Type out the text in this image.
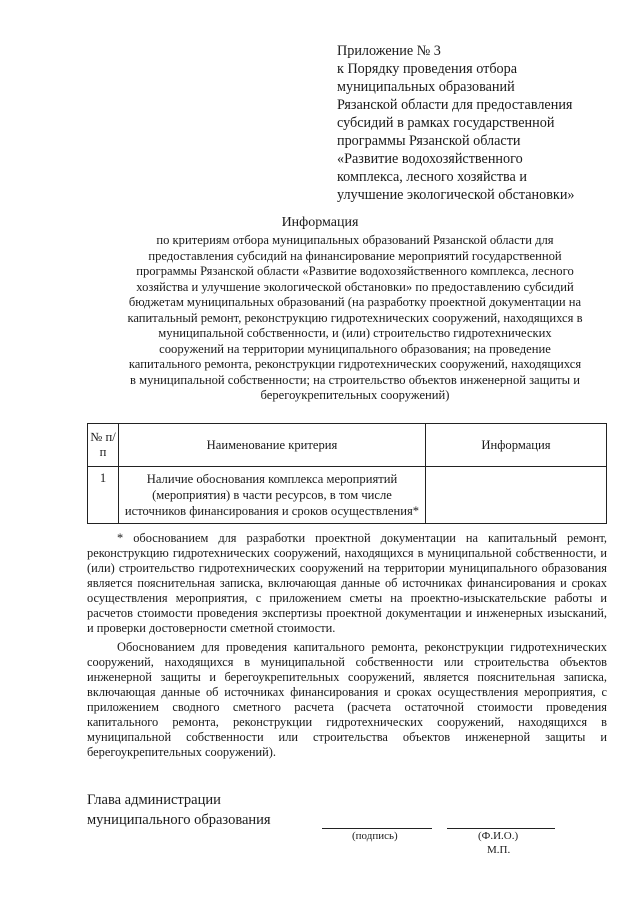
Приложение № 3
к Порядку проведения отбора
муниципальных образований
Рязанской области для предоставления
субсидий в рамках государственной
программы Рязанской области
«Развитие водохозяйственного
комплекса, лесного хозяйства и
улучшение экологической обстановки»
Информация
по критериям отбора муниципальных образований Рязанской области для
предоставления субсидий на финансирование мероприятий государственной
программы Рязанской области «Развитие водохозяйственного комплекса, лесного
хозяйства и улучшение экологической обстановки» по предоставлению субсидий
бюджетам муниципальных образований (на разработку проектной документации на
капитальный ремонт, реконструкцию гидротехнических сооружений, находящихся в
муниципальной собственности, и (или) строительство гидротехнических
сооружений на территории муниципального образования; на проведение
капитального ремонта, реконструкции гидротехнических сооружений, находящихся
в муниципальной собственности; на строительство объектов инженерной защиты и
берегоукрепительных сооружений)
№ п/п	Наименование критерия	Информация
1	Наличие обоснования комплекса мероприятий (мероприятия) в части ресурсов, в том числе источников финансирования и сроков осуществления*	

* обоснованием для разработки проектной документации на капитальный ремонт, реконструкцию гидротехнических сооружений, находящихся в муниципальной собственности, и (или) строительство гидротехнических сооружений на территории муниципального образования является пояснительная записка, включающая данные об источниках финансирования и сроках осуществления мероприятия, с приложением сметы на проектно-изыскательские работы и расчетов стоимости проведения экспертизы проектной документации и инженерных изысканий, и проверки достоверности сметной стоимости.

Обоснованием для проведения капитального ремонта, реконструкции гидротехнических сооружений, находящихся в муниципальной собственности или строительства объектов инженерной защиты и берегоукрепительных сооружений, является пояснительная записка, включающая данные об источниках финансирования и сроках осуществления мероприятия, с приложением сводного сметного расчета (расчета остаточной стоимости проведения капитального ремонта, реконструкции гидротехнических сооружений, находящихся в муниципальной собственности или строительства объектов инженерной защиты и берегоукрепительных сооружений).

Глава администрации
муниципального образования
(подпись)	(Ф.И.О.)
М.П.
